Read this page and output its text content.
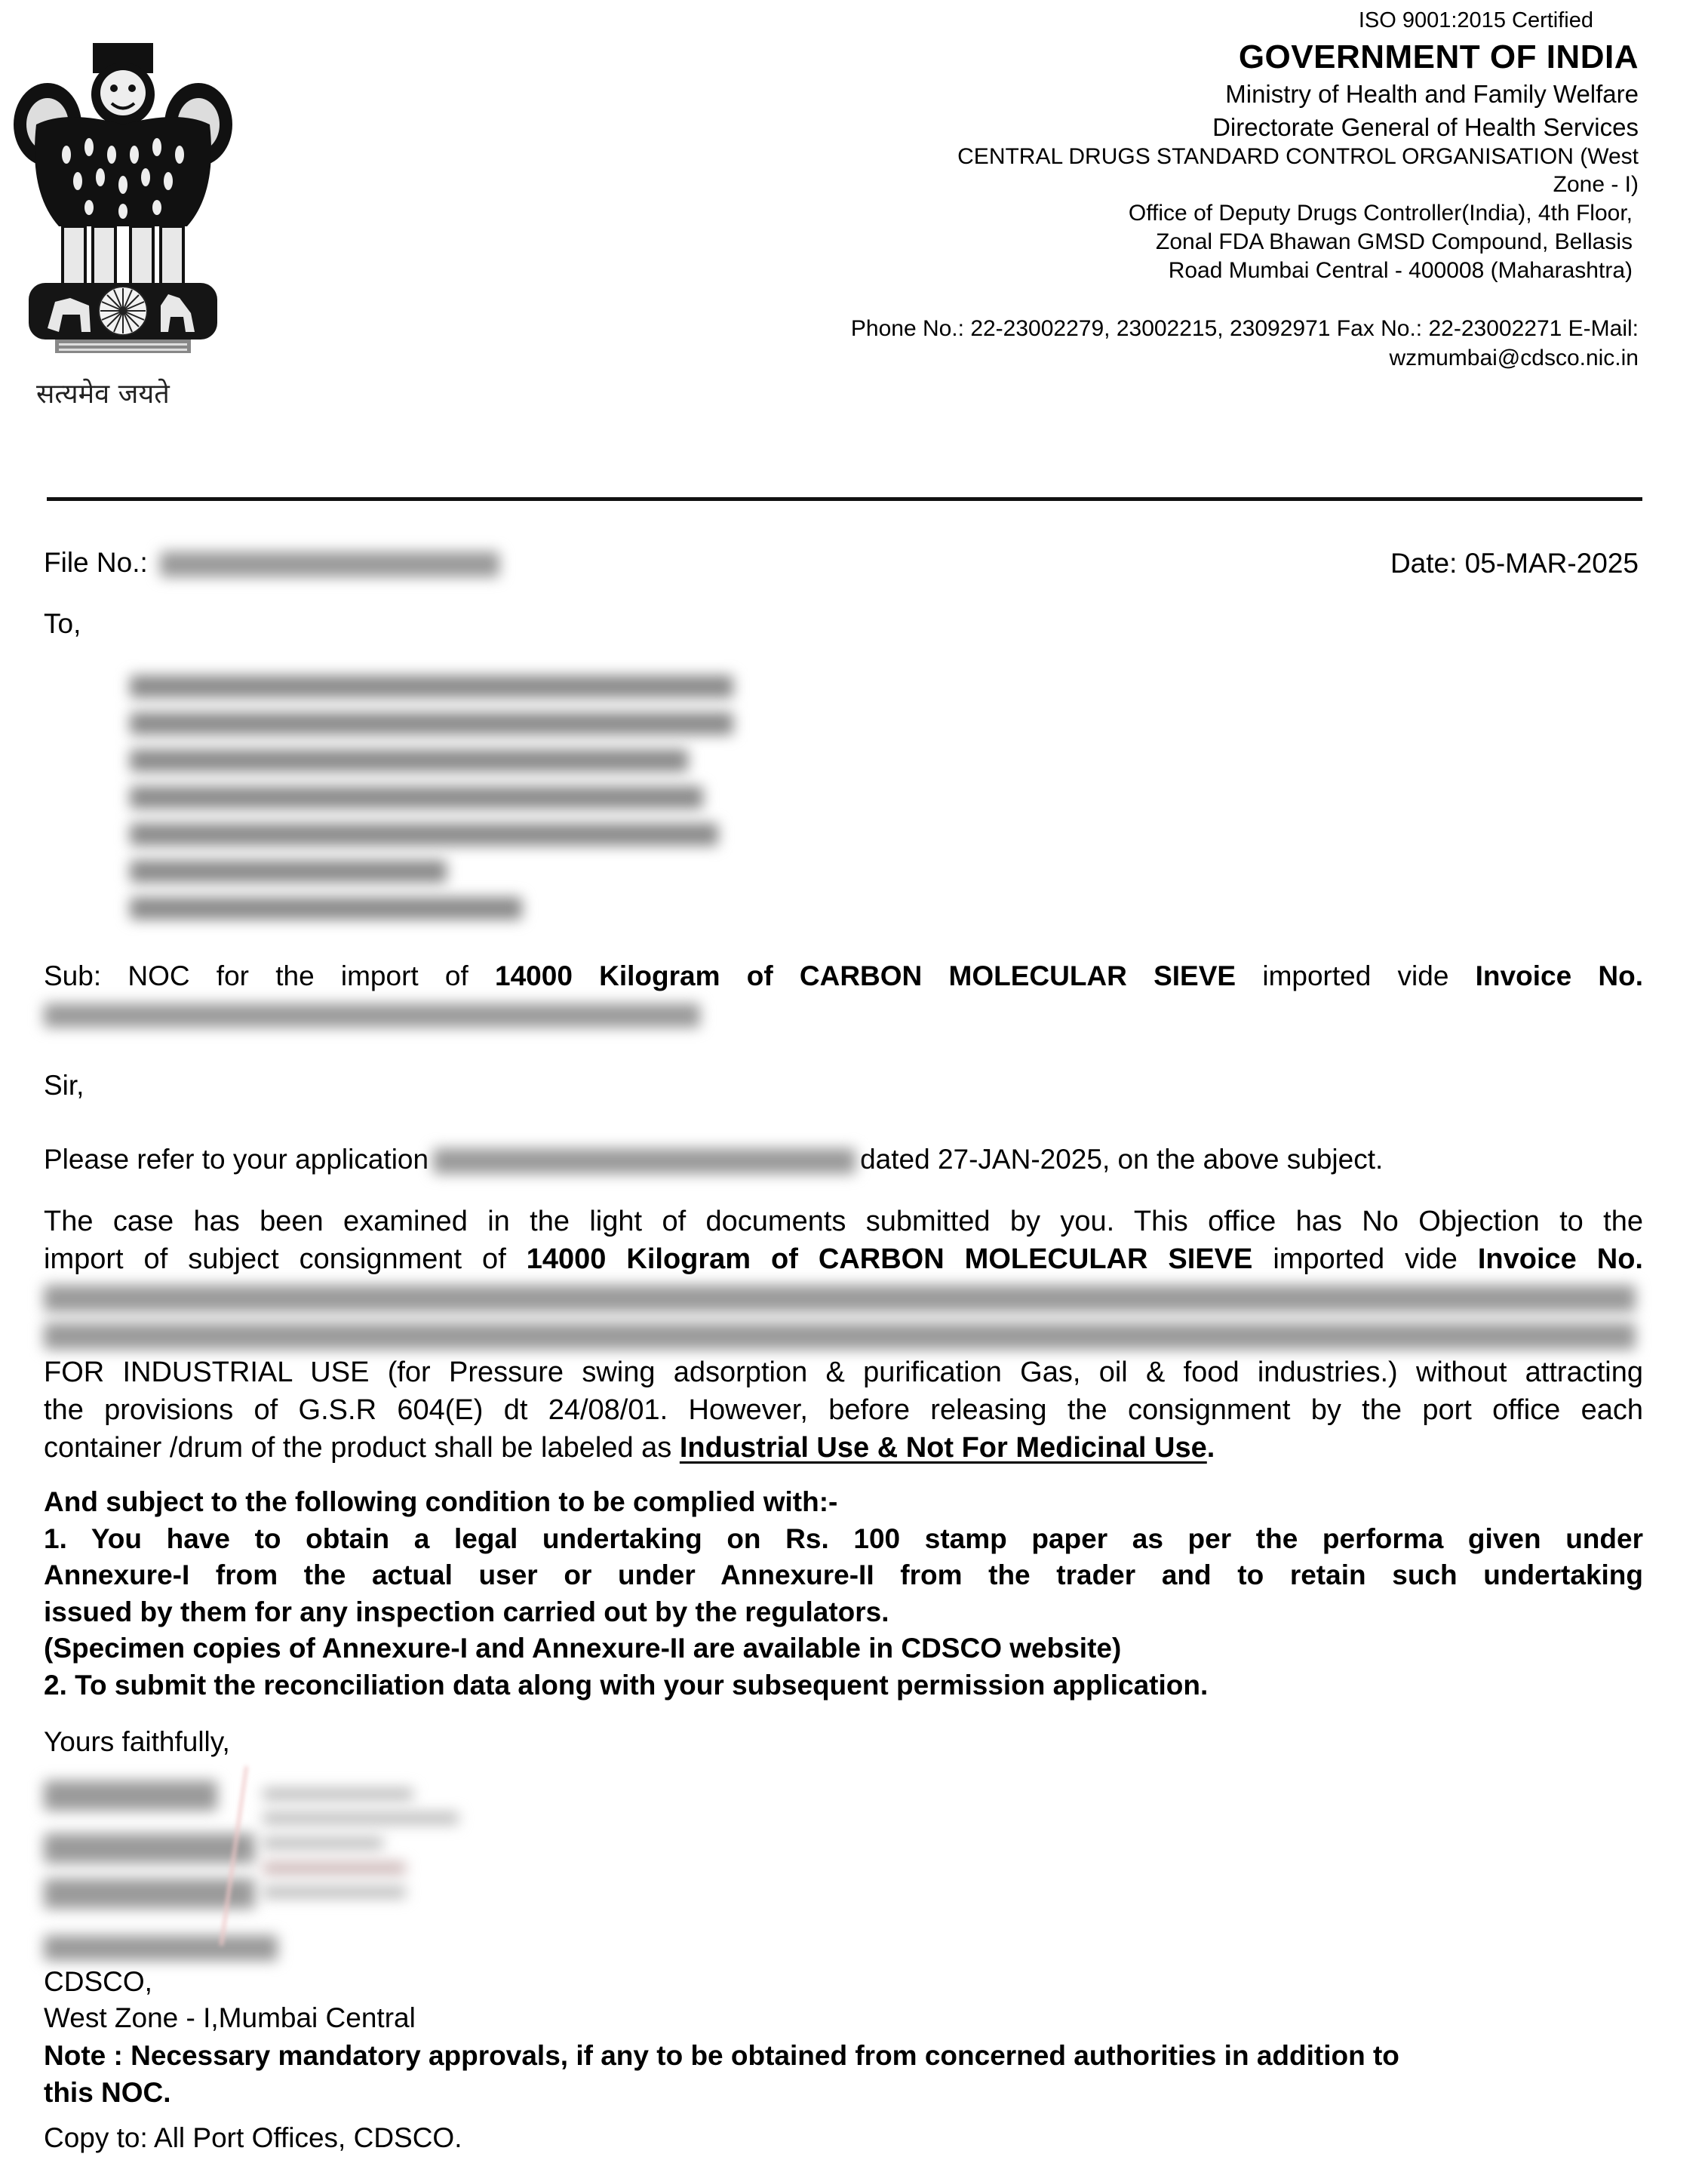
सत्यमेव जयते
ISO 9001:2015 Certified
GOVERNMENT OF INDIA
Ministry of Health and Family Welfare
Directorate General of Health Services
CENTRAL DRUGS STANDARD CONTROL ORGANISATION (West
Zone - I)
Office of Deputy Drugs Controller(India), 4th Floor,
Zonal FDA Bhawan GMSD Compound, Bellasis
Road Mumbai Central - 400008 (Maharashtra)
Phone No.: 22-23002279, 23002215, 23092971 Fax No.: 22-23002271 E-Mail:
wzmumbai@cdsco.nic.in
File No.:	Date: 05-MAR-2025
To,
Sub: NOC for the import of 14000 Kilogram of CARBON MOLECULAR SIEVE imported vide Invoice No.
Sir,
Please refer to your application	dated 27-JAN-2025, on the above subject.
The case has been examined in the light of documents submitted by you. This office has No Objection to the
import of subject consignment of 14000 Kilogram of CARBON MOLECULAR SIEVE imported vide Invoice No.
FOR INDUSTRIAL USE (for Pressure swing adsorption & purification Gas, oil & food industries.) without attracting
the provisions of G.S.R 604(E) dt 24/08/01. However, before releasing the consignment by the port office each
container /drum of the product shall be labeled as Industrial Use & Not For Medicinal Use.
And subject to the following condition to be complied with:-
1. You have to obtain a legal undertaking on Rs. 100 stamp paper as per the performa given under
Annexure-I from the actual user or under Annexure-II from the trader and to retain such undertaking
issued by them for any inspection carried out by the regulators.
(Specimen copies of Annexure-I and Annexure-II are available in CDSCO website)
2. To submit the reconciliation data along with your subsequent permission application.
Yours faithfully,
CDSCO,
West Zone - I,Mumbai Central
Note : Necessary mandatory approvals, if any to be obtained from concerned authorities in addition to
this NOC.
Copy to: All Port Offices, CDSCO.
